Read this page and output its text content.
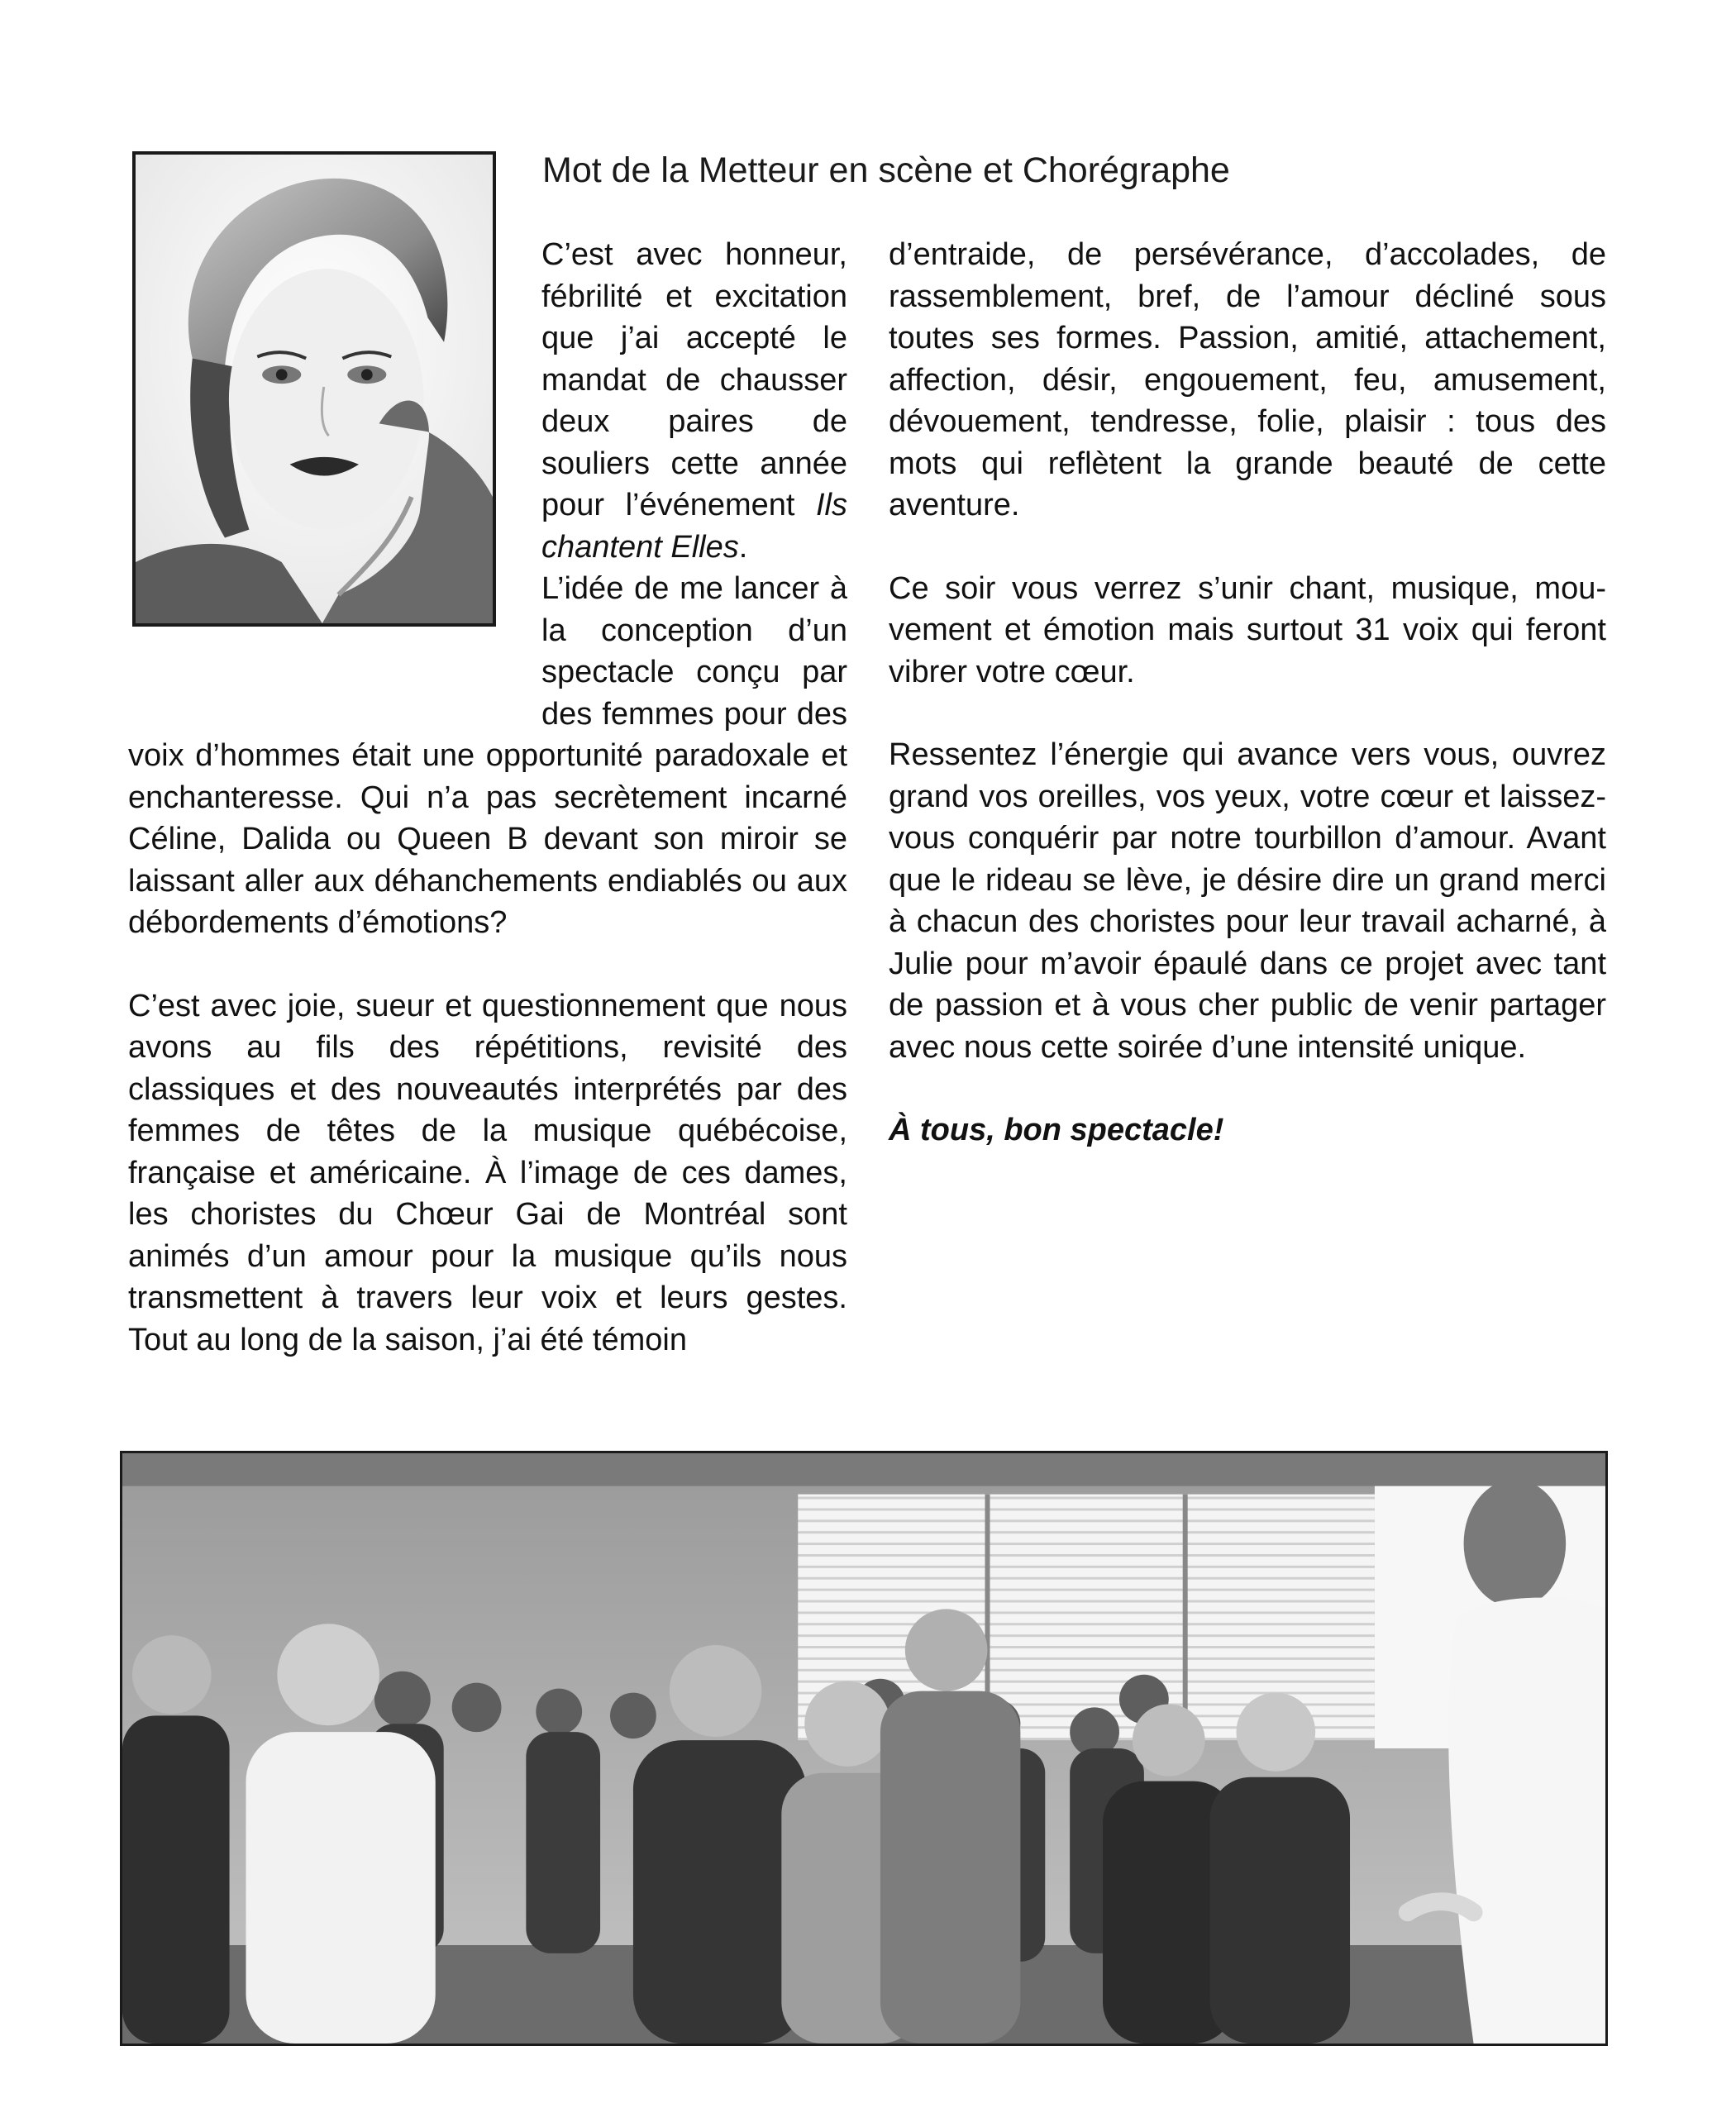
Mot de la Metteur en scène et Chorégraphe

C’est avec honneur, fébrilité et excitation que j’ai accepté le mandat de chausser deux paires de souliers cette année pour l’événement Ils chantent Elles.

L’idée de me lancer à la conception d’un spectacle conçu par des femmes pour des voix d’hommes était une opportunité paradoxale et enchanteresse. Qui n’a pas secrètement incarné Céline, Dalida ou Queen B devant son miroir se laissant aller aux déhanchements endiablés ou aux débordements d’émotions?

C’est avec joie, sueur et questionnement que nous avons au fils des répétitions, revisité des classiques et des nouveautés interprétés par des femmes de têtes de la musique québécoise, française et américaine. À l’image de ces dames, les choristes du Chœur Gai de Montréal sont animés d’un amour pour la musique qu’ils nous transmettent à travers leur voix et leurs gestes. Tout au long de la saison, j’ai été témoin

d’entraide, de persévérance, d’accolades, de rassemblement, bref, de l’amour décliné sous toutes ses formes. Passion, amitié, attachement, affection, désir, engouement, feu, amusement, dévouement, tendresse, folie, plaisir : tous des mots qui reflètent la grande beauté de cette aventure.

Ce soir vous verrez s’unir chant, musique, mouvement et émotion mais surtout 31 voix qui feront vibrer votre cœur.

Ressentez l’énergie qui avance vers vous, ouvrez grand vos oreilles, vos yeux, votre cœur et laissez-vous conquérir par notre tourbillon d’amour. Avant que le rideau se lève, je désire dire un grand merci à chacun des choristes pour leur travail acharné, à Julie pour m’avoir épaulé dans ce projet avec tant de passion et à vous cher public de venir partager avec nous cette soirée d’une intensité unique.

À tous, bon spectacle!
